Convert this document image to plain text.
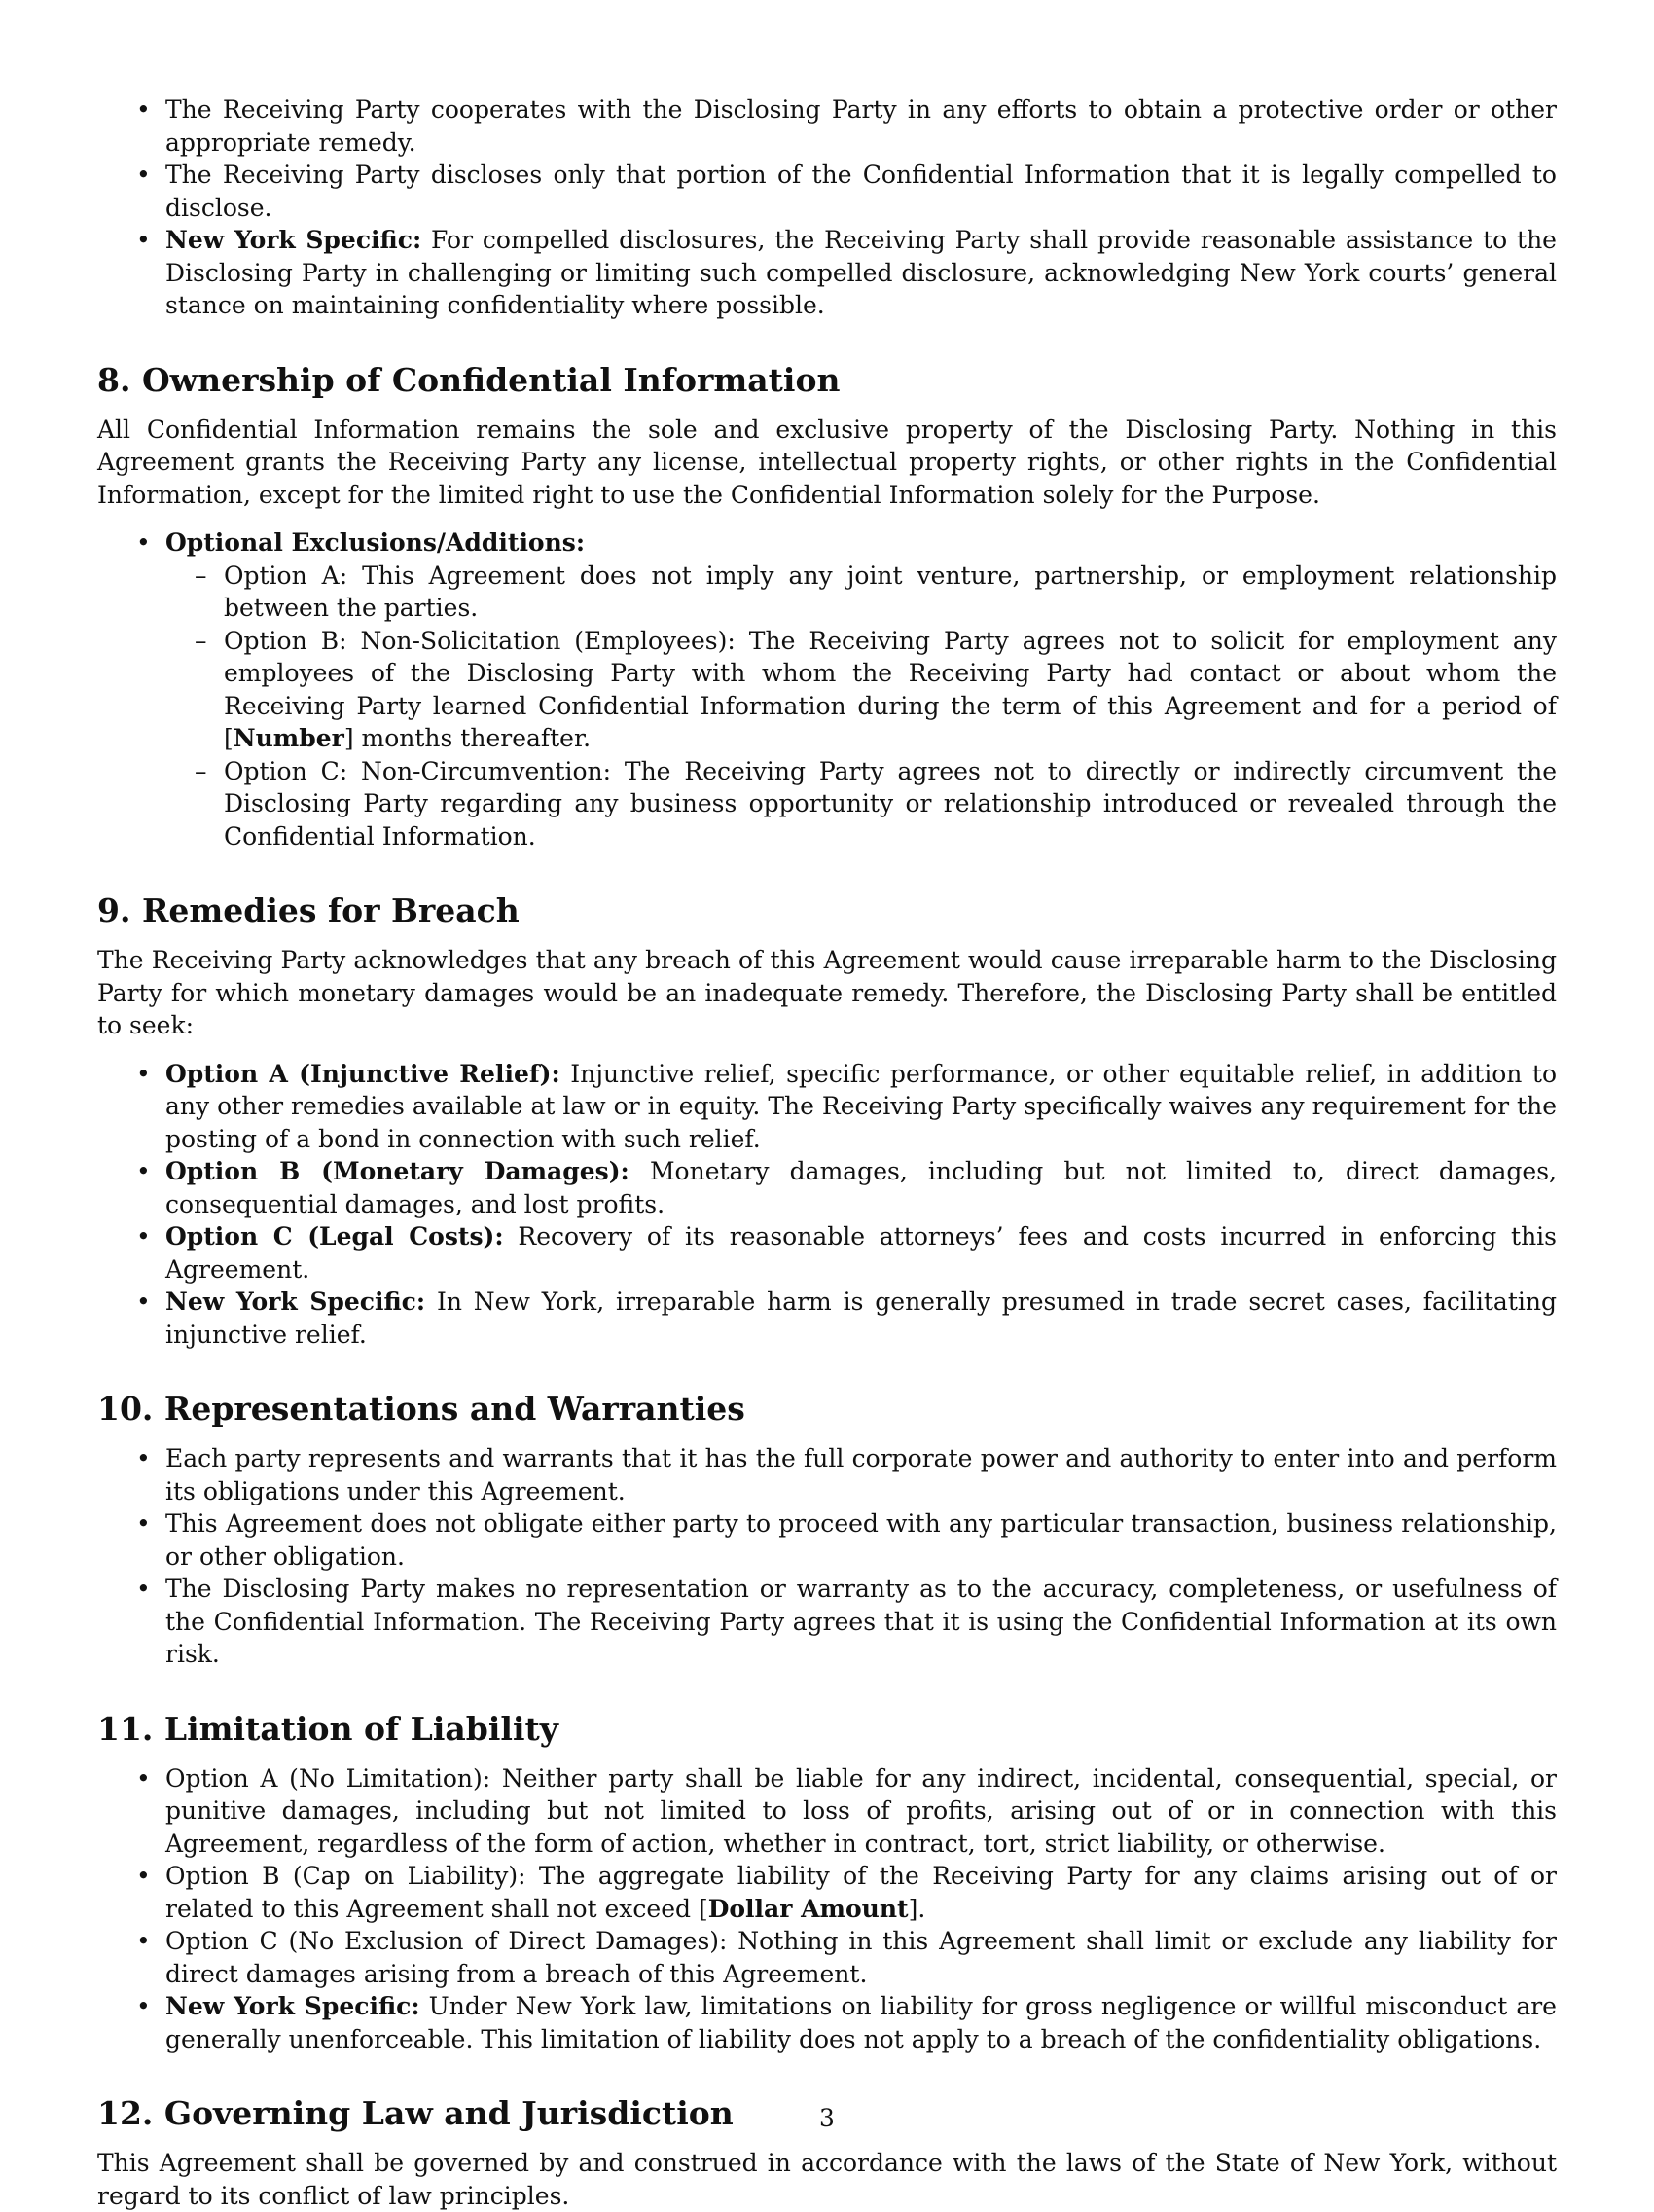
• The Receiving Party cooperates with the Disclosing Party in any efforts to obtain a protective order or other appropriate remedy.
• The Receiving Party discloses only that portion of the Confidential Information that it is legally compelled to disclose.
• New York Specific: For compelled disclosures, the Receiving Party shall provide reasonable assistance to the Disclosing Party in challenging or limiting such compelled disclosure, acknowledging New York courts’ general stance on maintaining confidentiality where possible.
8. Ownership of Confidential Information

All Confidential Information remains the sole and exclusive property of the Disclosing Party. Nothing in this Agreement grants the Receiving Party any license, intellectual property rights, or other rights in the Confidential Information, except for the limited right to use the Confidential Information solely for the Purpose.

• Optional Exclusions/Additions:
– Option A: This Agreement does not imply any joint venture, partnership, or employment relationship between the parties.
– Option B: Non-Solicitation (Employees): The Receiving Party agrees not to solicit for employment any employees of the Disclosing Party with whom the Receiving Party had contact or about whom the Receiving Party learned Confidential Information during the term of this Agreement and for a period of [Number] months thereafter.
– Option C: Non-Circumvention: The Receiving Party agrees not to directly or indirectly circumvent the Disclosing Party regarding any business opportunity or relationship introduced or revealed through the Confidential Information.
9. Remedies for Breach

The Receiving Party acknowledges that any breach of this Agreement would cause irreparable harm to the Disclosing Party for which monetary damages would be an inadequate remedy. Therefore, the Disclosing Party shall be entitled to seek:

• Option A (Injunctive Relief): Injunctive relief, specific performance, or other equitable relief, in addition to any other remedies available at law or in equity. The Receiving Party specifically waives any requirement for the posting of a bond in connection with such relief.
• Option B (Monetary Damages): Monetary damages, including but not limited to, direct damages, consequential damages, and lost profits.
• Option C (Legal Costs): Recovery of its reasonable attorneys’ fees and costs incurred in enforcing this Agreement.
• New York Specific: In New York, irreparable harm is generally presumed in trade secret cases, facilitating injunctive relief.
10. Representations and Warranties
• Each party represents and warrants that it has the full corporate power and authority to enter into and perform its obligations under this Agreement.
• This Agreement does not obligate either party to proceed with any particular transaction, business relationship, or other obligation.
• The Disclosing Party makes no representation or warranty as to the accuracy, completeness, or usefulness of the Confidential Information. The Receiving Party agrees that it is using the Confidential Information at its own risk.
11. Limitation of Liability
• Option A (No Limitation): Neither party shall be liable for any indirect, incidental, consequential, special, or punitive damages, including but not limited to loss of profits, arising out of or in connection with this Agreement, regardless of the form of action, whether in contract, tort, strict liability, or otherwise.
• Option B (Cap on Liability): The aggregate liability of the Receiving Party for any claims arising out of or related to this Agreement shall not exceed [Dollar Amount].
• Option C (No Exclusion of Direct Damages): Nothing in this Agreement shall limit or exclude any liability for direct damages arising from a breach of this Agreement.
• New York Specific: Under New York law, limitations on liability for gross negligence or willful misconduct are generally unenforceable. This limitation of liability does not apply to a breach of the confidentiality obligations.
12. Governing Law and Jurisdiction

This Agreement shall be governed by and construed in accordance with the laws of the State of New York, without regard to its conflict of law principles.

3
